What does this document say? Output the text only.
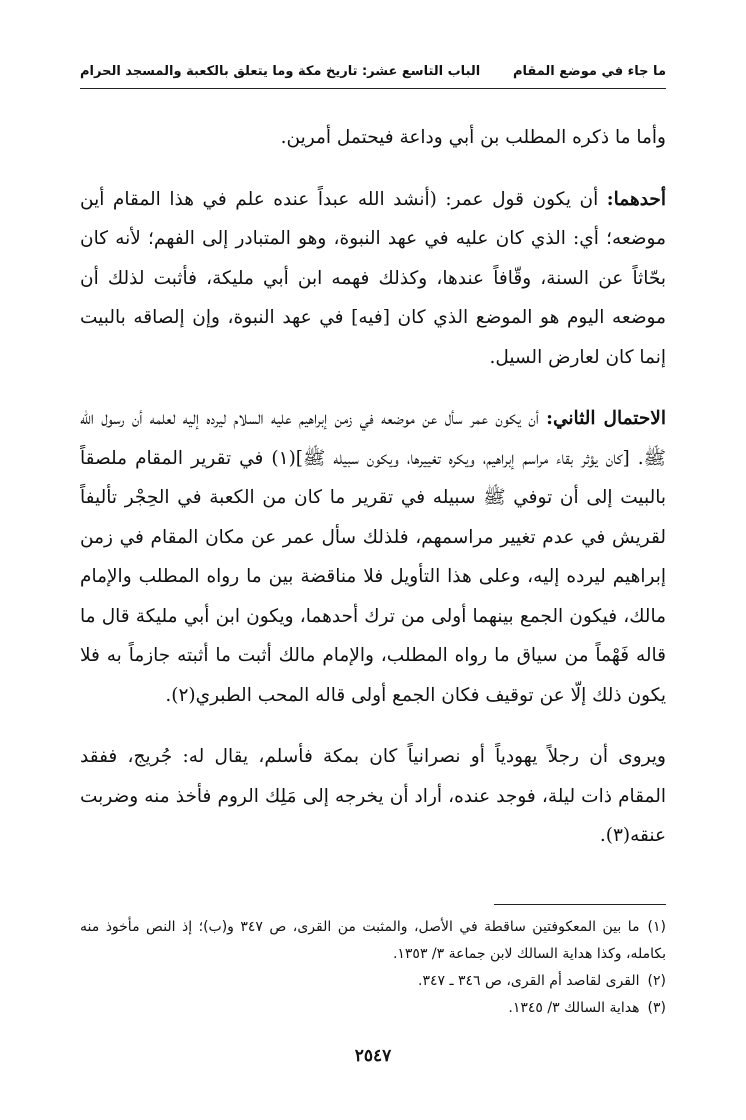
ما جاء في موضع المقام
الباب التاسع عشر: تاريخ مكة وما يتعلق بالكعبة والمسجد الحرام

وأما ما ذكره المطلب بن أبي وداعة فيحتمل أمرين.

أحدهما: أن يكون قول عمر: (أنشد الله عبداً عنده علم في هذا المقام أين موضعه؛ أي: الذي كان عليه في عهد النبوة، وهو المتبادر إلى الفهم؛ لأنه كان بحّاثاً عن السنة، وقّافاً عندها، وكذلك فهمه ابن أبي مليكة، فأثبت لذلك أن موضعه اليوم هو الموضع الذي كان [فيه] في عهد النبوة، وإن إلصاقه بالبيت إنما كان لعارض السيل.

الاحتمال الثاني: أن يكون عمر سأل عن موضعه في زمن إبراهيم عليه السلام ليرده إليه لعلمه أن رسول الله ﷺ. [كان يؤثر بقاء مراسم إبراهيم، ويكره تغييرها، ويكون سبيله ﷺ](١) في تقرير المقام ملصقاً بالبيت إلى أن توفي ﷺ سبيله في تقرير ما كان من الكعبة في الحِجْر تأليفاً لقريش في عدم تغيير مراسمهم، فلذلك سأل عمر عن مكان المقام في زمن إبراهيم ليرده إليه، وعلى هذا التأويل فلا مناقضة بين ما رواه المطلب والإمام مالك، فيكون الجمع بينهما أولى من ترك أحدهما، ويكون ابن أبي مليكة قال ما قاله فَهْماً من سياق ما رواه المطلب، والإمام مالك أثبت ما أثبته جازماً به فلا يكون ذلك إلّا عن توقيف فكان الجمع أولى قاله المحب الطبري(٢).

ويروى أن رجلاً يهودياً أو نصرانياً كان بمكة فأسلم، يقال له: جُريج، ففقد المقام ذات ليلة، فوجد عنده، أراد أن يخرجه إلى مَلِك الروم فأخذ منه وضربت عنقه(٣).

(١)ما بين المعكوفتين ساقطة في الأصل، والمثبت من القرى، ص ٣٤٧ و(ب)؛ إذ النص مأخوذ منه بكامله، وكذا هداية السالك لابن جماعة ٣/ ١٣٥٣.

(٢)القرى لقاصد أم القرى، ص ٣٤٦ ـ ٣٤٧.

(٣)هداية السالك ٣/ ١٣٤٥.

٢٥٤٧
